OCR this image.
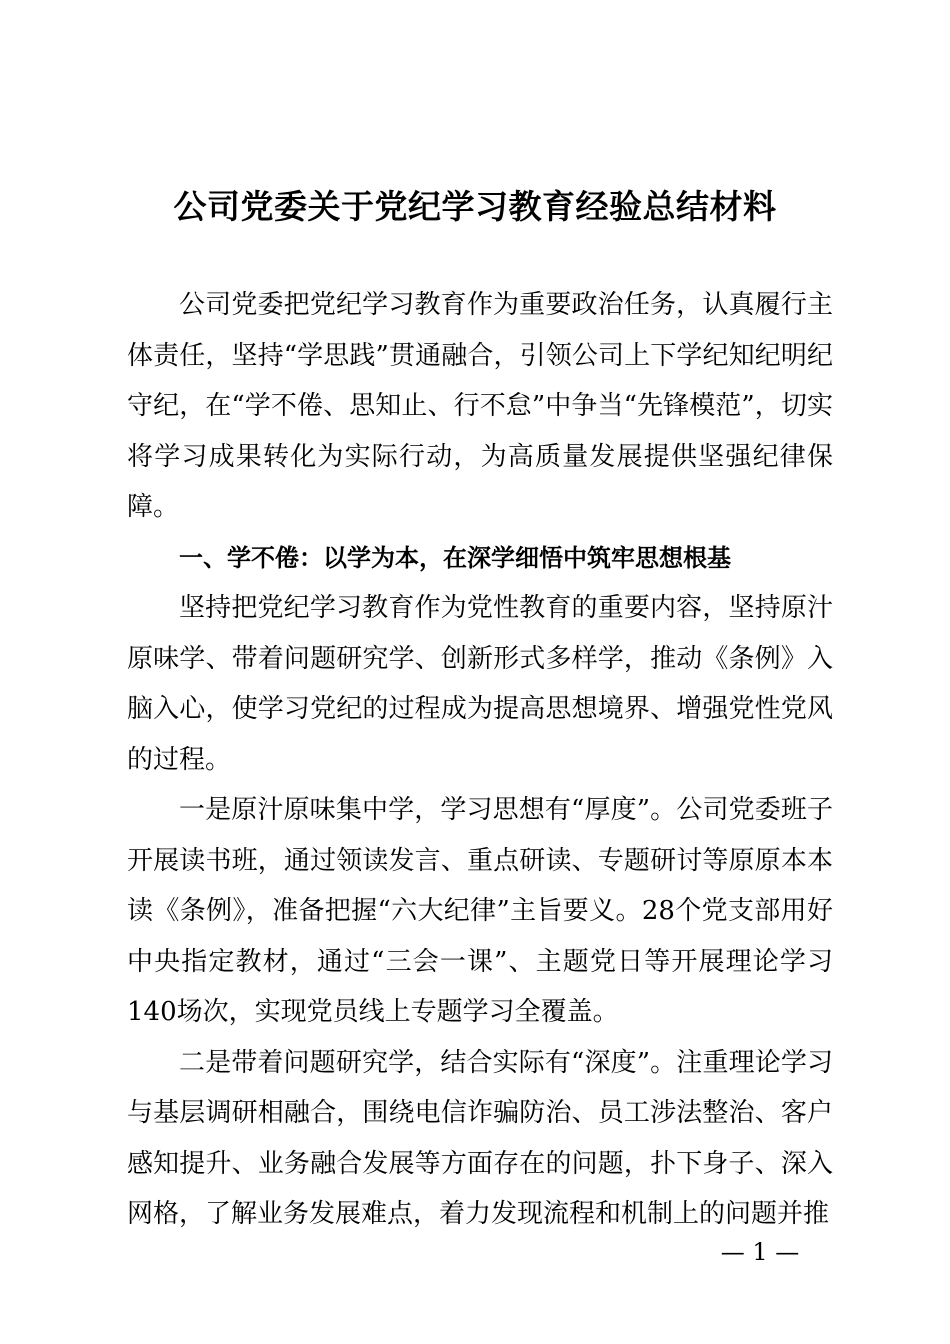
公司党委关于党纪学习教育经验总结材料

公司党委把党纪学习教育作为重要政治任务，认真履行主体责任，坚持“学思践”贯通融合，引领公司上下学纪知纪明纪守纪，在“学不倦、思知止、行不怠”中争当“先锋模范”，切实将学习成果转化为实际行动，为高质量发展提供坚强纪律保障。

一、学不倦：以学为本，在深学细悟中筑牢思想根基

坚持把党纪学习教育作为党性教育的重要内容，坚持原汁原味学、带着问题研究学、创新形式多样学，推动《条例》入脑入心，使学习党纪的过程成为提高思想境界、增强党性党风的过程。

一是原汁原味集中学，学习思想有“厚度”。公司党委班子开展读书班，通过领读发言、重点研读、专题研讨等原原本本读《条例》，准备把握“六大纪律”主旨要义。28个党支部用好中央指定教材，通过“三会一课”、主题党日等开展理论学习140场次，实现党员线上专题学习全覆盖。

二是带着问题研究学，结合实际有“深度”。注重理论学习与基层调研相融合，围绕电信诈骗防治、员工涉法整治、客户感知提升、业务融合发展等方面存在的问题，扑下身子、深入网格，了解业务发展难点，着力发现流程和机制上的问题并推

— 1 —
